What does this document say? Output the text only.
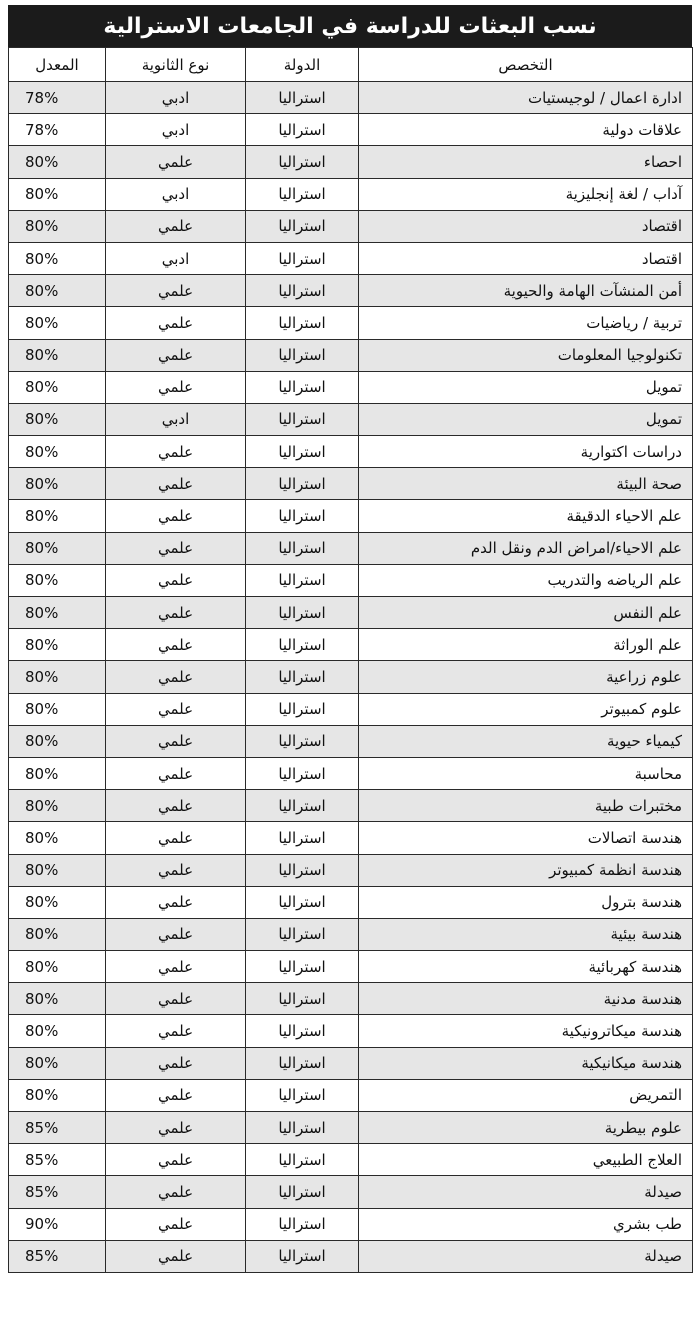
نسب البعثات للدراسة في الجامعات الاسترالية
التخصص	الدولة	نوع الثانوية	المعدل
ادارة اعمال / لوجيستيات	استراليا	ادبي	78%
علاقات دولية	استراليا	ادبي	78%
احصاء	استراليا	علمي	80%
آداب / لغة إنجليزية	استراليا	ادبي	80%
اقتصاد	استراليا	علمي	80%
اقتصاد	استراليا	ادبي	80%
أمن المنشآت الهامة والحيوية	استراليا	علمي	80%
تربية / رياضيات	استراليا	علمي	80%
تكنولوجيا المعلومات	استراليا	علمي	80%
تمويل	استراليا	علمي	80%
تمويل	استراليا	ادبي	80%
دراسات اكتوارية	استراليا	علمي	80%
صحة البيئة	استراليا	علمي	80%
علم الاحياء الدقيقة	استراليا	علمي	80%
علم الاحياء/امراض الدم ونقل الدم	استراليا	علمي	80%
علم الرياضه والتدريب	استراليا	علمي	80%
علم النفس	استراليا	علمي	80%
علم الوراثة	استراليا	علمي	80%
علوم زراعية	استراليا	علمي	80%
علوم كمبيوتر	استراليا	علمي	80%
كيمياء حيوية	استراليا	علمي	80%
محاسبة	استراليا	علمي	80%
مختبرات طبية	استراليا	علمي	80%
هندسة اتصالات	استراليا	علمي	80%
هندسة انظمة كمبيوتر	استراليا	علمي	80%
هندسة بترول	استراليا	علمي	80%
هندسة بيئية	استراليا	علمي	80%
هندسة كهربائية	استراليا	علمي	80%
هندسة مدنية	استراليا	علمي	80%
هندسة ميكاترونيكية	استراليا	علمي	80%
هندسة ميكانيكية	استراليا	علمي	80%
التمريض	استراليا	علمي	80%
علوم بيطرية	استراليا	علمي	85%
العلاج الطبيعي	استراليا	علمي	85%
صيدلة	استراليا	علمي	85%
طب بشري	استراليا	علمي	90%
صيدلة	استراليا	علمي	85%
